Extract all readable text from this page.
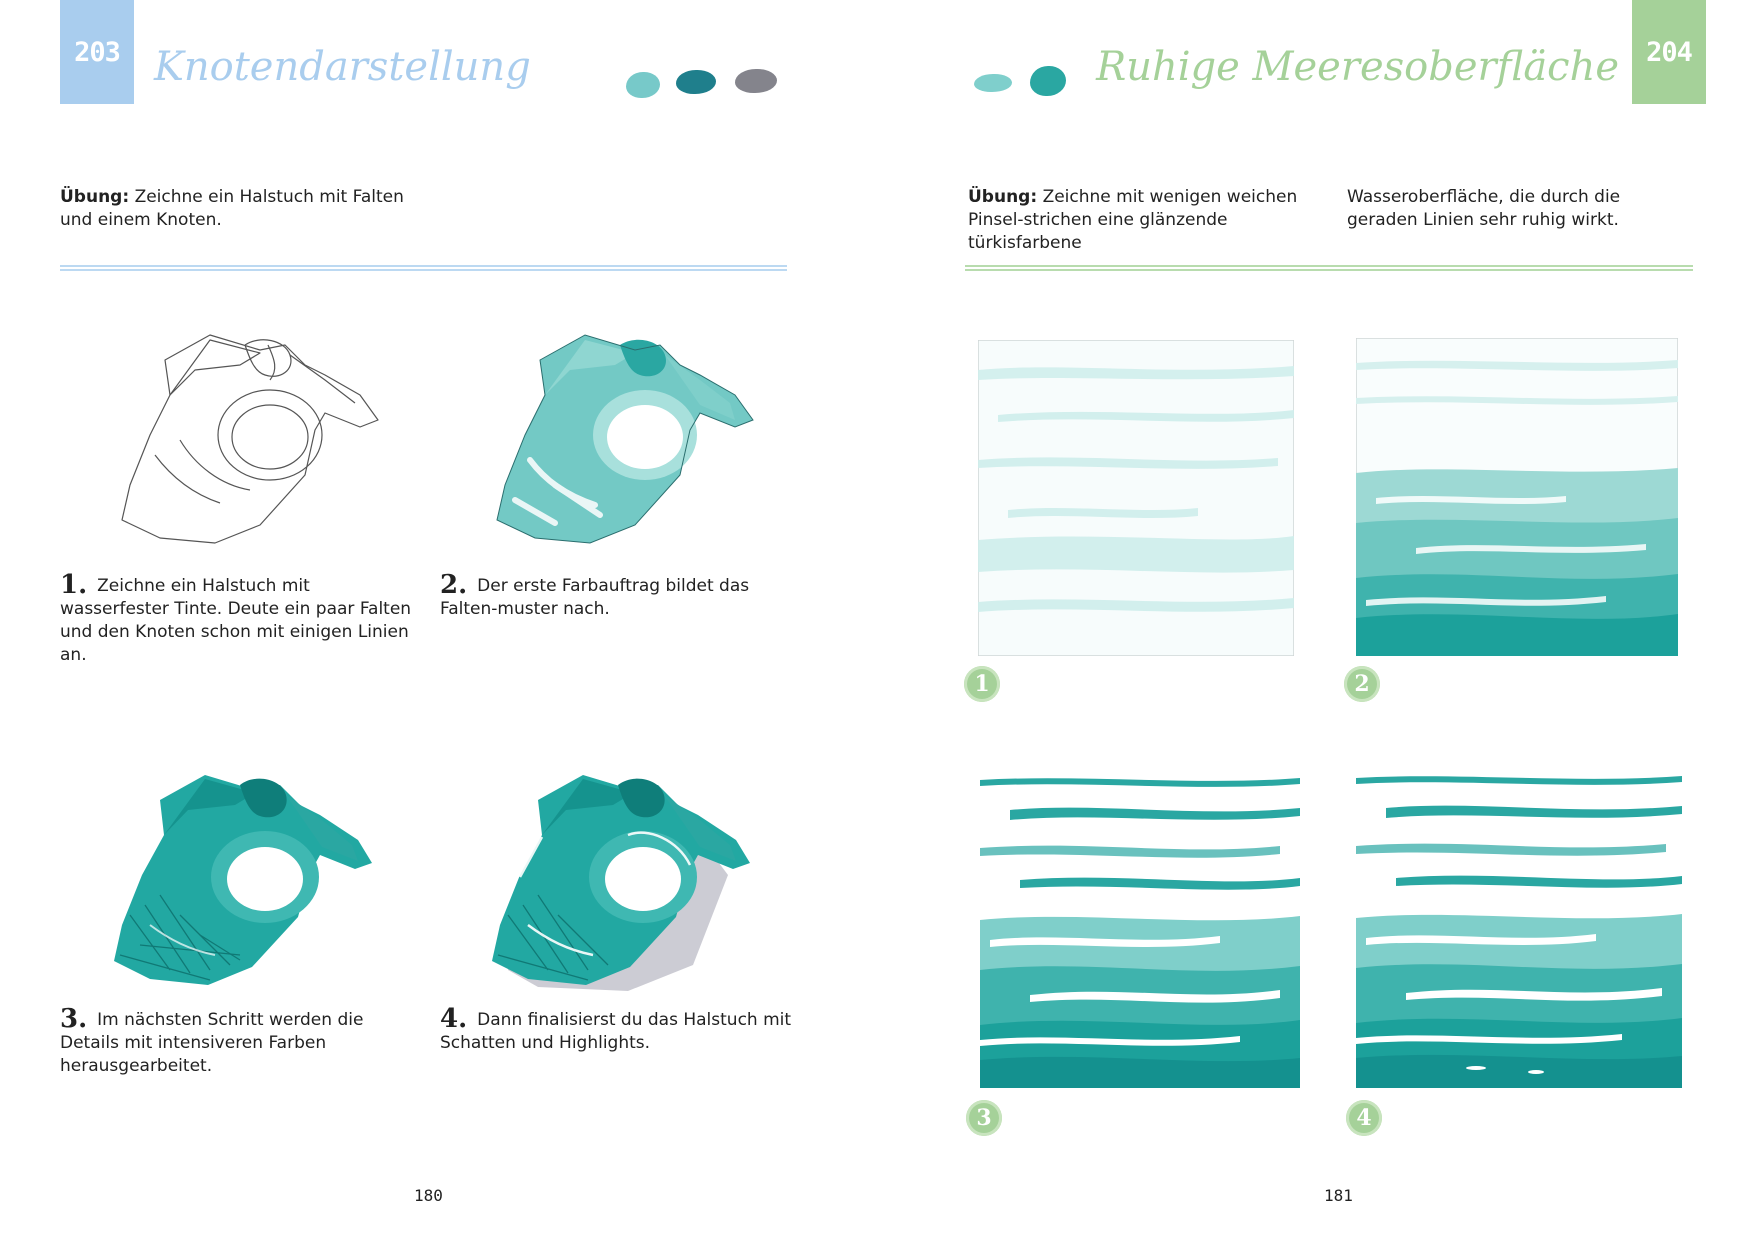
203 Knotendarstellung
Übung: Zeichne ein Halstuch mit Falten und einem Knoten.
1. Zeichne ein Halstuch mit wasserfester Tinte. Deute ein paar Falten und den Knoten schon mit einigen Linien an.
2. Der erste Farbauftrag bildet das Falten-muster nach.
3. Im nächsten Schritt werden die Details mit intensiveren Farben herausgearbeitet.
4. Dann finalisierst du das Halstuch mit Schatten und Highlights.
180
Ruhige Meeresoberfläche 204
Übung: Zeichne mit wenigen weichen Pinsel-strichen eine glänzende türkisfarbene
Wasseroberfläche, die durch die geraden Linien sehr ruhig wirkt.
1	2
3	4
181
